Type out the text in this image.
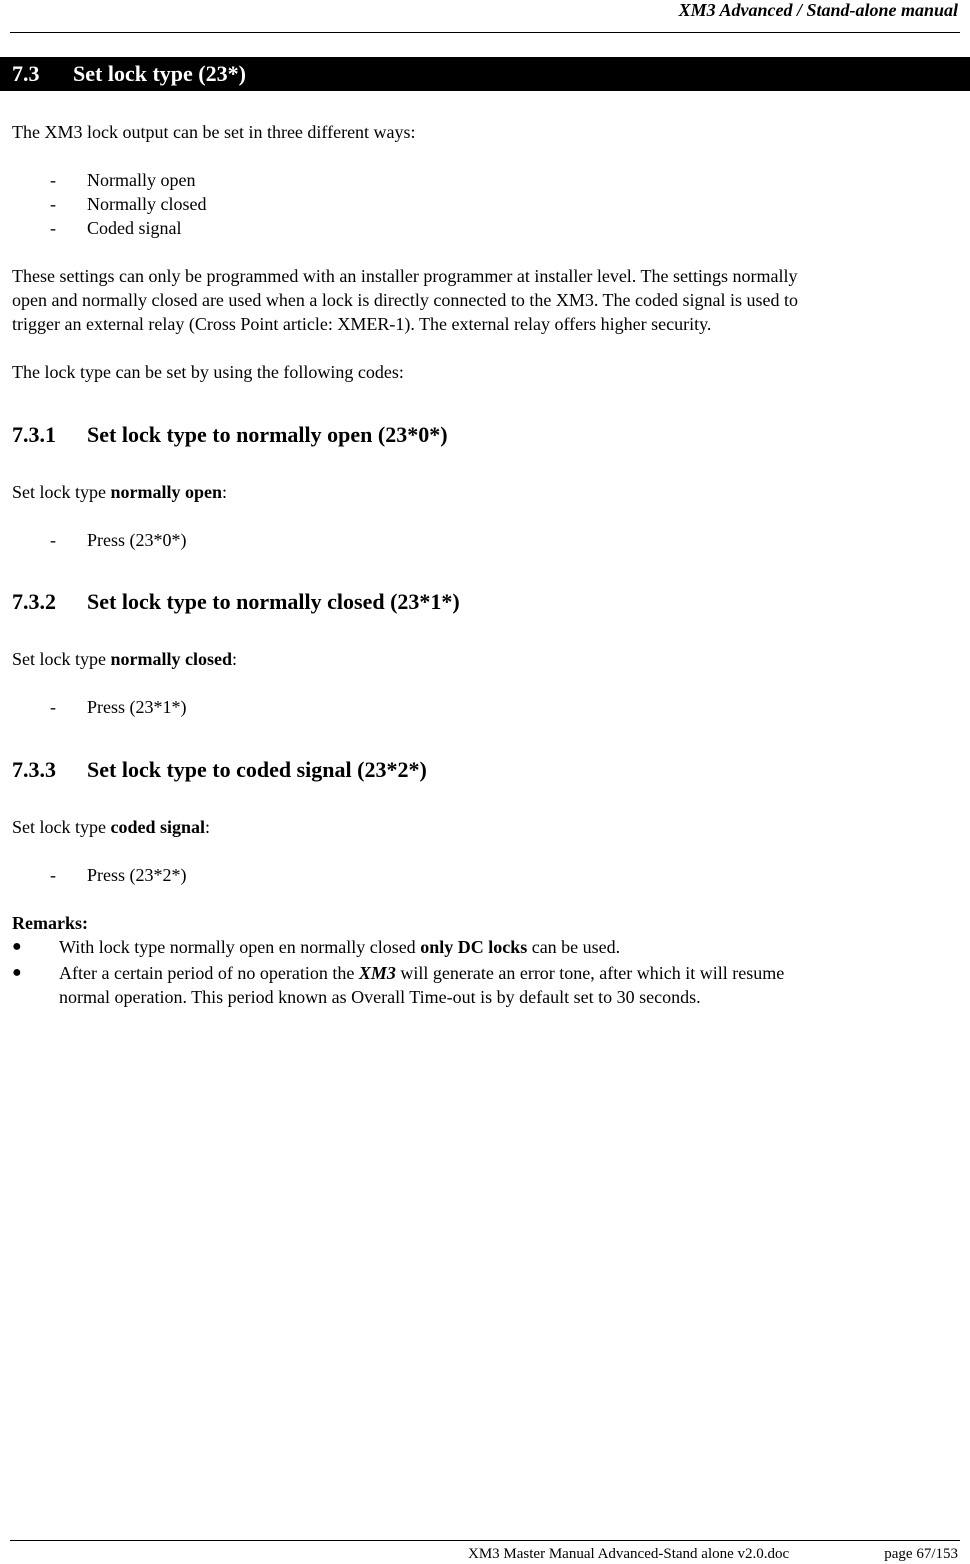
XM3 Advanced / Stand-alone manual
7.3 Set lock type (23*)
The XM3 lock output can be set in three different ways:
- Normally open
- Normally closed
- Coded signal
These settings can only be programmed with an installer programmer at installer level. The settings normally
open and normally closed are used when a lock is directly connected to the XM3. The coded signal is used to
trigger an external relay (Cross Point article: XMER-1). The external relay offers higher security.
The lock type can be set by using the following codes:
7.3.1 Set lock type to normally open (23*0*)
Set lock type normally open:
- Press (23*0*)
7.3.2 Set lock type to normally closed (23*1*)
Set lock type normally closed:
- Press (23*1*)
7.3.3 Set lock type to coded signal (23*2*)
Set lock type coded signal:
- Press (23*2*)
Remarks:
● With lock type normally open en normally closed only DC locks can be used.
● After a certain period of no operation the XM3 will generate an error tone, after which it will resume
normal operation. This period known as Overall Time-out is by default set to 30 seconds.
XM3 Master Manual Advanced-Stand alone v2.0.doc	page 67/153
